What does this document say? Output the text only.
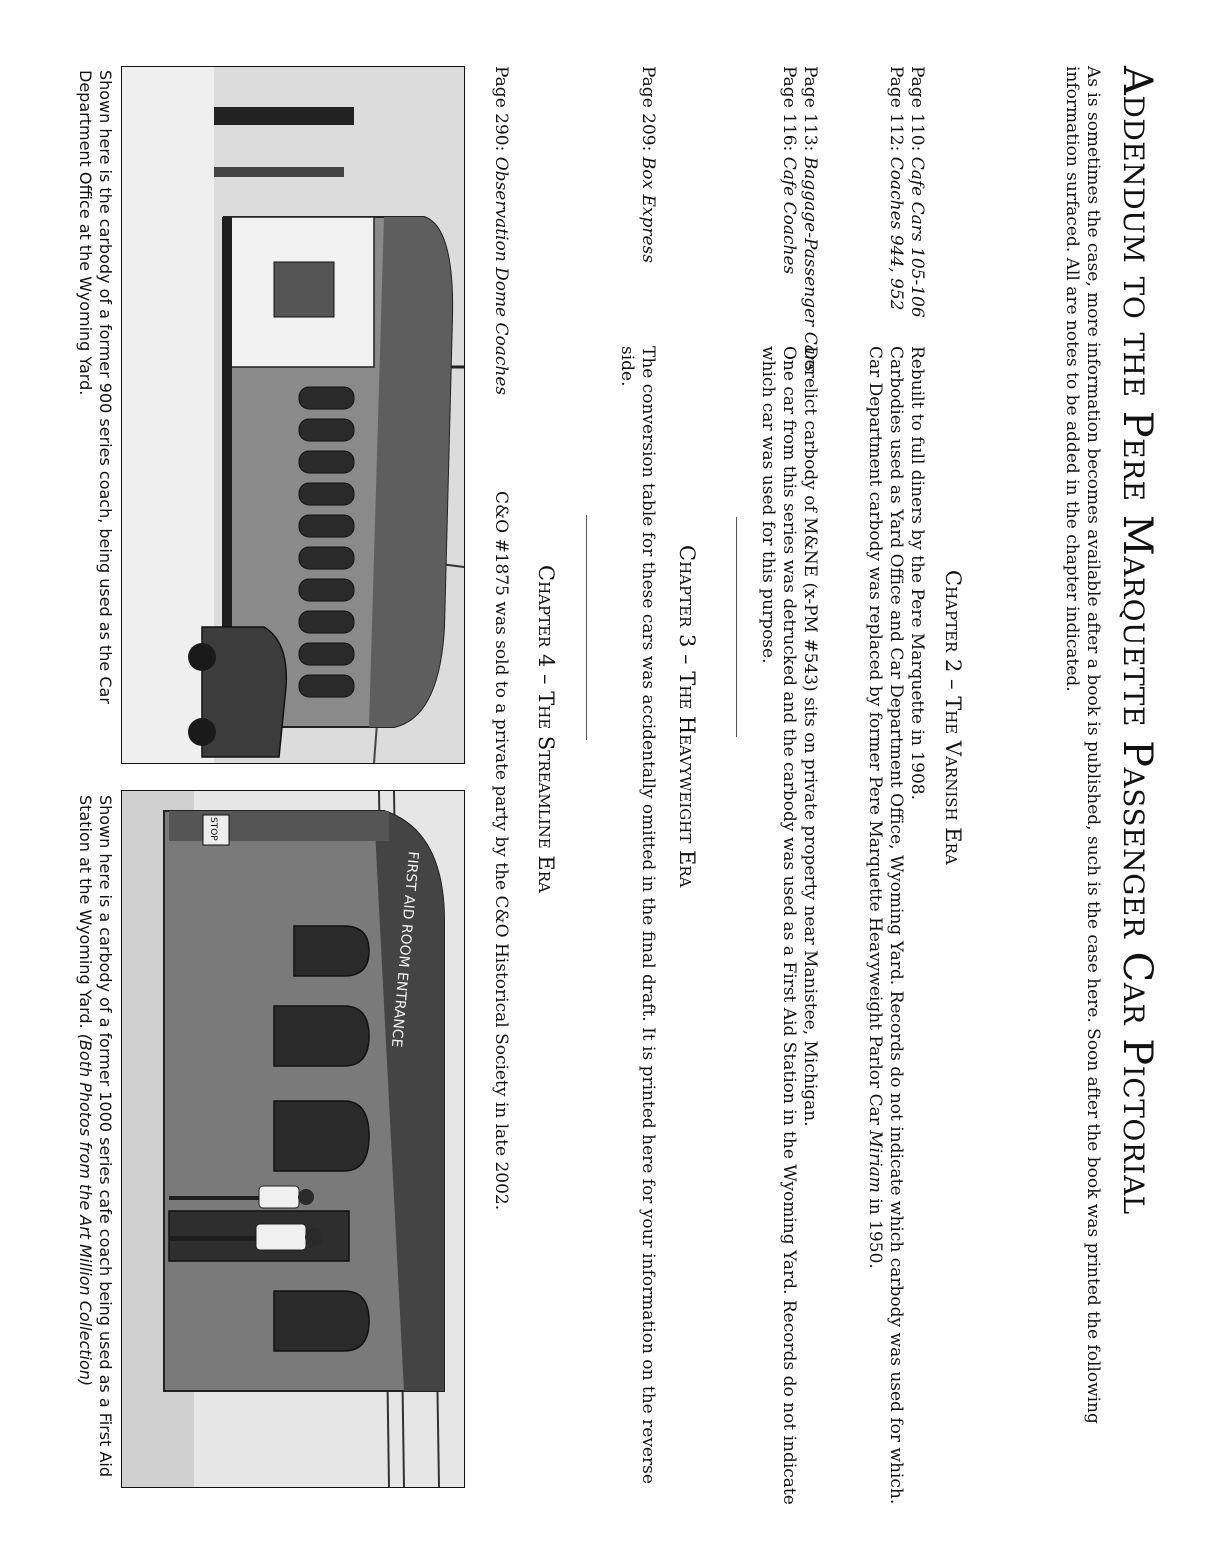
Addendum to the Pere Marquette Passenger Car Pictorial

As is sometimes the case, more information becomes available after a book is published, such is the case here. Soon after the book was printed the following information surfaced. All are notes to be added in the chapter indicated.

Chapter 2 – The Varnish Era
Page 110: Cafe Cars 105-106
Page 112: Coaches 944, 952
Rebuilt to full diners by the Pere Marquette in 1908.
Carbodies used as Yard Office and Car Department Office, Wyoming Yard. Records do not indicate which carbody was used for which. Car Department carbody was replaced by former Pere Marquette Heavyweight Parlor Car Miriam in 1950.
Page 113: Baggage-Passenger Cars
Page 116: Cafe Coaches
Derelict carbody of M&NE (x-PM #543) sits on private property near Manistee, Michigan.
One car from this series was detrucked and the carbody was used as a First Aid Station in the Wyoming Yard. Records do not indicate which car was used for this purpose.
Chapter 3 – The Heavyweight Era
Page 209: Box Express
The conversion table for these cars was accidentally omitted in the final draft. It is printed here for your information on the reverse side.
Chapter 4 – The Streamline Era
Page 290: Observation Dome Coaches
C&O #1875 was sold to a private party by the C&O Historical Society in late 2002.
Shown here is the carbody of a former 900 series coach, being used as the Car Department Office at the Wyoming Yard.
FIRST AID ROOM ENTRANCE
STOP
Shown here is a carbody of a former 1000 series cafe coach being used as a First Aid Station at the Wyoming Yard. (Both Photos from the Art Million Collection)
